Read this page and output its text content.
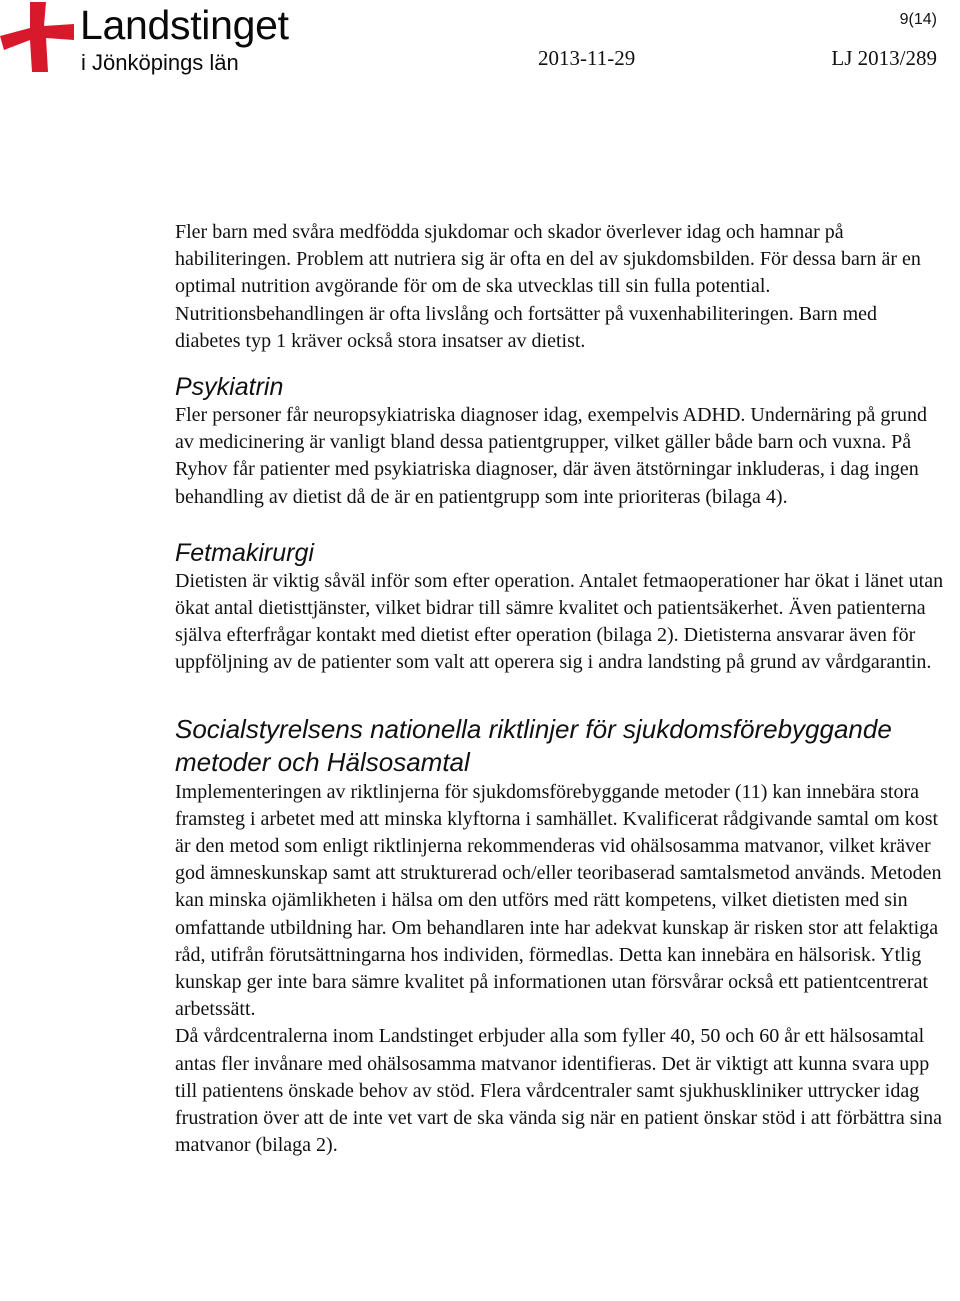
Landstinget
i Jönköpings län
9(14)
2013-11-29	LJ 2013/289

Fler barn med svåra medfödda sjukdomar och skador överlever idag och hamnar på habiliteringen. Problem att nutriera sig är ofta en del av sjukdomsbilden. För dessa barn är en optimal nutrition avgörande för om de ska utvecklas till sin fulla potential. Nutritionsbehandlingen är ofta livslång och fortsätter på vuxenhabiliteringen. Barn med diabetes typ 1 kräver också stora insatser av dietist.

Psykiatrin

Fler personer får neuropsykiatriska diagnoser idag, exempelvis ADHD. Undernäring på grund av medicinering är vanligt bland dessa patientgrupper, vilket gäller både barn och vuxna. På Ryhov får patienter med psykiatriska diagnoser, där även ätstörningar inkluderas, i dag ingen behandling av dietist då de är en patientgrupp som inte prioriteras (bilaga 4).

Fetmakirurgi

Dietisten är viktig såväl inför som efter operation. Antalet fetmaoperationer har ökat i länet utan ökat antal dietisttjänster, vilket bidrar till sämre kvalitet och patientsäkerhet. Även patienterna själva efterfrågar kontakt med dietist efter operation (bilaga 2). Dietisterna ansvarar även för uppföljning av de patienter som valt att operera sig i andra landsting på grund av vårdgarantin.

Socialstyrelsens nationella riktlinjer för sjukdomsförebyggande metoder och Hälsosamtal

Implementeringen av riktlinjerna för sjukdomsförebyggande metoder (11) kan innebära stora framsteg i arbetet med att minska klyftorna i samhället. Kvalificerat rådgivande samtal om kost är den metod som enligt riktlinjerna rekommenderas vid ohälsosamma matvanor, vilket kräver god ämneskunskap samt att strukturerad och/eller teoribaserad samtalsmetod används. Metoden kan minska ojämlikheten i hälsa om den utförs med rätt kompetens, vilket dietisten med sin omfattande utbildning har. Om behandlaren inte har adekvat kunskap är risken stor att felaktiga råd, utifrån förutsättningarna hos individen, förmedlas. Detta kan innebära en hälsorisk. Ytlig kunskap ger inte bara sämre kvalitet på informationen utan försvårar också ett patientcentrerat arbetssätt.

Då vårdcentralerna inom Landstinget erbjuder alla som fyller 40, 50 och 60 år ett hälsosamtal antas fler invånare med ohälsosamma matvanor identifieras. Det är viktigt att kunna svara upp till patientens önskade behov av stöd. Flera vårdcentraler samt sjukhuskliniker uttrycker idag frustration över att de inte vet vart de ska vända sig när en patient önskar stöd i att förbättra sina matvanor (bilaga 2).
